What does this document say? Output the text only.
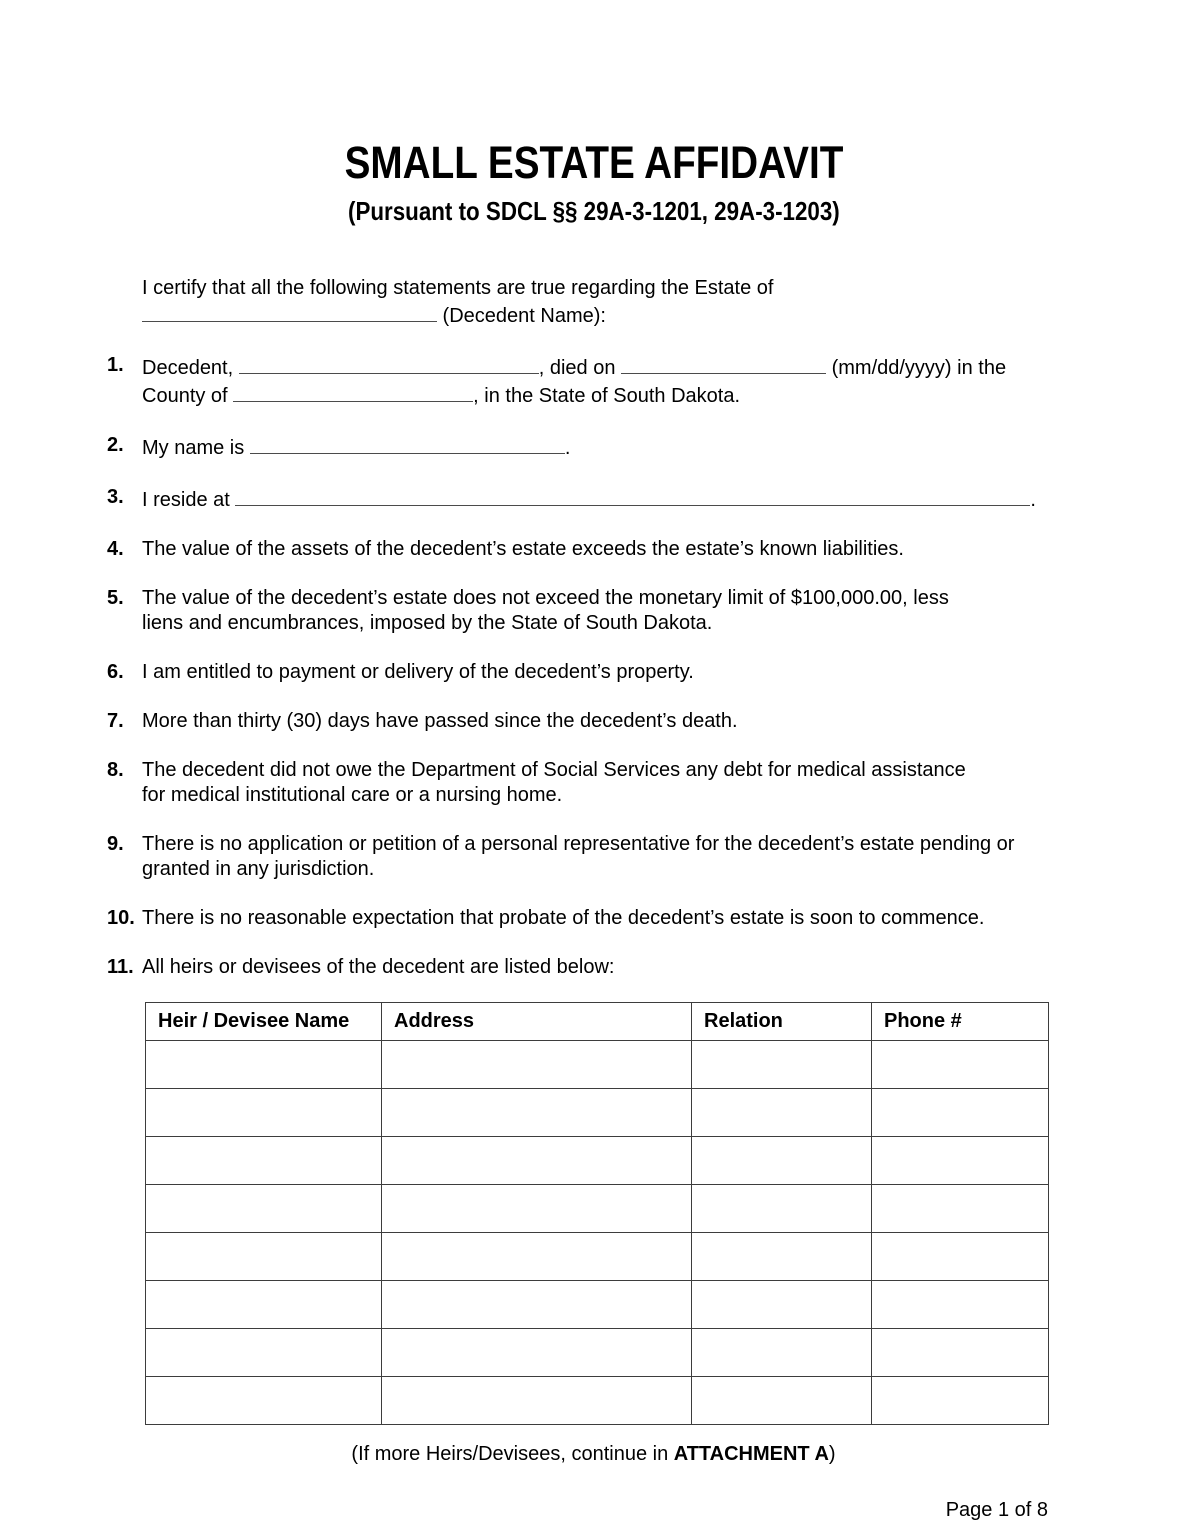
SMALL ESTATE AFFIDAVIT
(Pursuant to SDCL §§ 29A-3-1201, 29A-3-1203)
I certify that all the following statements are true regarding the Estate of
(Decedent Name):
1. Decedent,	, died on	(mm/dd/yyyy) in the
County of	, in the State of South Dakota.
2. My name is	.
3. I reside at	.
4. The value of the assets of the decedent’s estate exceeds the estate’s known liabilities.
5. The value of the decedent’s estate does not exceed the monetary limit of $100,000.00, less
liens and encumbrances, imposed by the State of South Dakota.
6. I am entitled to payment or delivery of the decedent’s property.
7. More than thirty (30) days have passed since the decedent’s death.
8. The decedent did not owe the Department of Social Services any debt for medical assistance
for medical institutional care or a nursing home.
9. There is no application or petition of a personal representative for the decedent’s estate pending or
granted in any jurisdiction.
10. There is no reasonable expectation that probate of the decedent’s estate is soon to commence.
11. All heirs or devisees of the decedent are listed below:
Heir / Devisee Name	Address	Relation	Phone #

(If more Heirs/Devisees, continue in ATTACHMENT A)
Page 1 of 8
